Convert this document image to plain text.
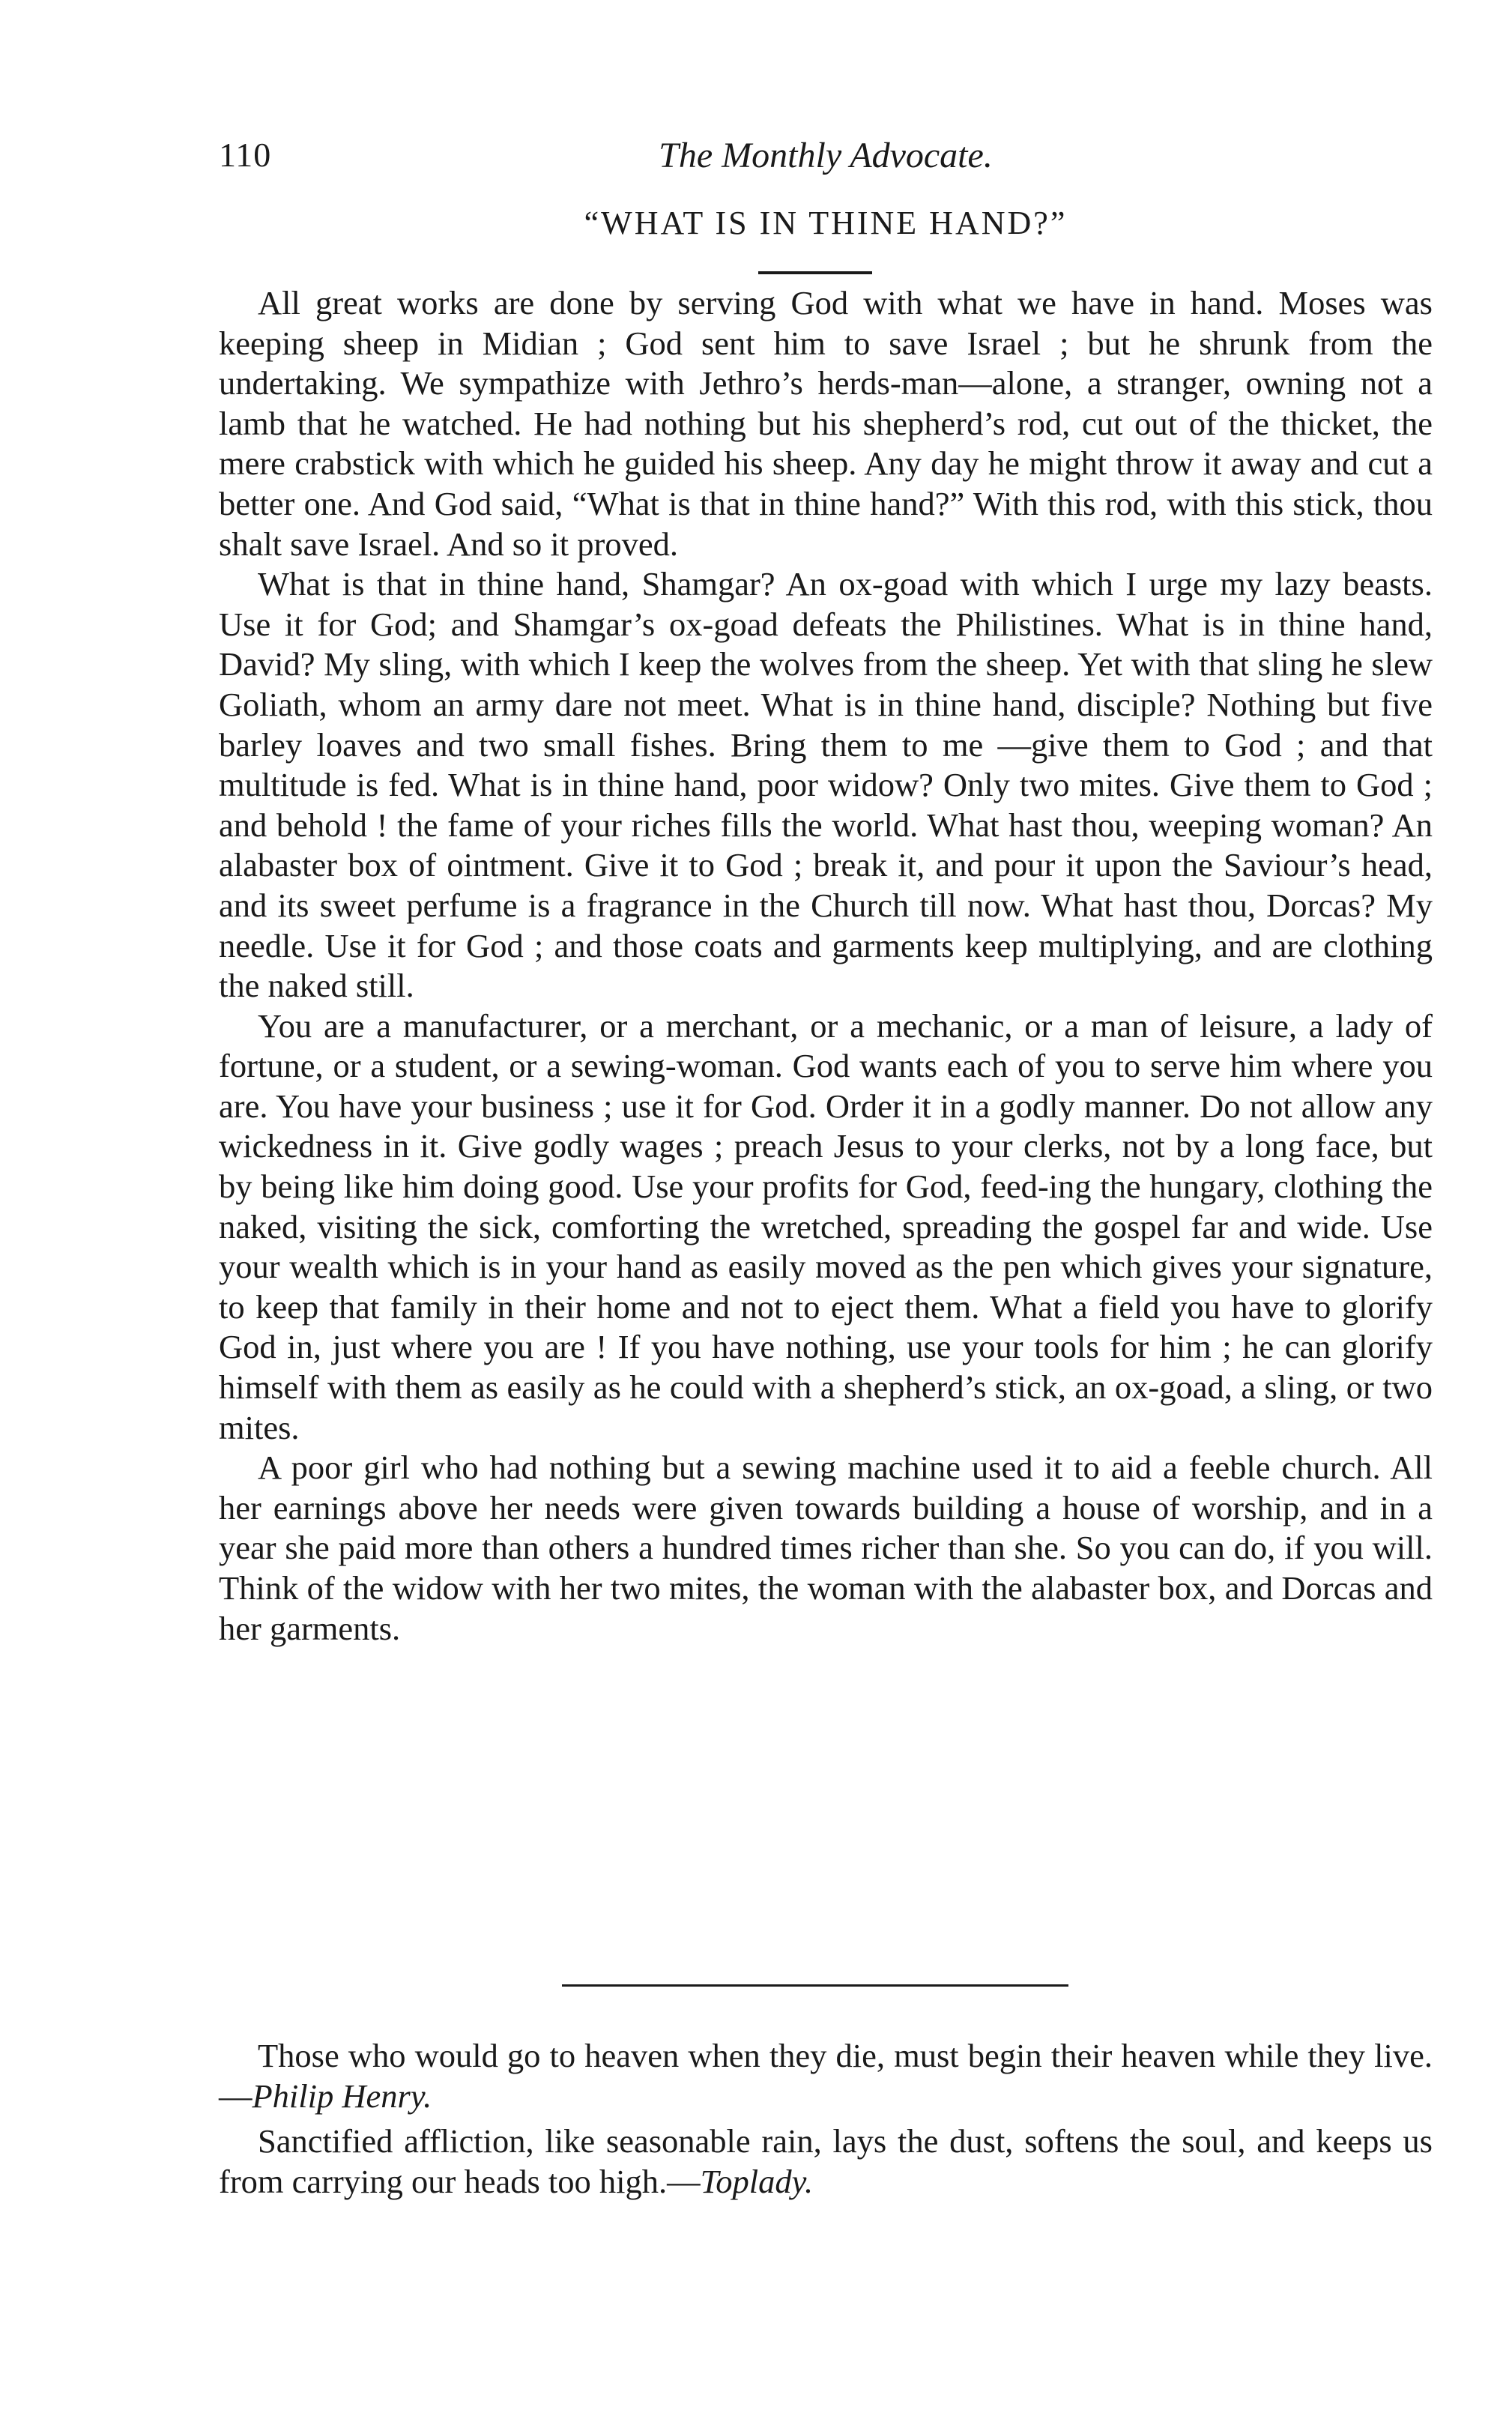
110	The Monthly Advocate.
“WHAT IS IN THINE HAND?”

All great works are done by serving God with what we have in hand. Moses was keeping sheep in Midian ; God sent him to save Israel ; but he shrunk from the undertaking. We sympathize with Jethro’s herds-man—alone, a stranger, owning not a lamb that he watched. He had nothing but his shepherd’s rod, cut out of the thicket, the mere crabstick with which he guided his sheep. Any day he might throw it away and cut a better one. And God said, “What is that in thine hand?” With this rod, with this stick, thou shalt save Israel. And so it proved.

What is that in thine hand, Shamgar? An ox-goad with which I urge my lazy beasts. Use it for God; and Shamgar’s ox-goad defeats the Philistines. What is in thine hand, David? My sling, with which I keep the wolves from the sheep. Yet with that sling he slew Goliath, whom an army dare not meet. What is in thine hand, disciple? Nothing but five barley loaves and two small fishes. Bring them to me —give them to God ; and that multitude is fed. What is in thine hand, poor widow? Only two mites. Give them to God ; and behold ! the fame of your riches fills the world. What hast thou, weeping woman? An alabaster box of ointment. Give it to God ; break it, and pour it upon the Saviour’s head, and its sweet perfume is a fragrance in the Church till now. What hast thou, Dorcas? My needle. Use it for God ; and those coats and garments keep multiplying, and are clothing the naked still.

You are a manufacturer, or a merchant, or a mechanic, or a man of leisure, a lady of fortune, or a student, or a sewing-woman. God wants each of you to serve him where you are. You have your business ; use it for God. Order it in a godly manner. Do not allow any wickedness in it. Give godly wages ; preach Jesus to your clerks, not by a long face, but by being like him doing good. Use your profits for God, feed-ing the hungary, clothing the naked, visiting the sick, comforting the wretched, spreading the gospel far and wide. Use your wealth which is in your hand as easily moved as the pen which gives your signature, to keep that family in their home and not to eject them. What a field you have to glorify God in, just where you are ! If you have nothing, use your tools for him ; he can glorify himself with them as easily as he could with a shepherd’s stick, an ox-goad, a sling, or two mites.

A poor girl who had nothing but a sewing machine used it to aid a feeble church. All her earnings above her needs were given towards building a house of worship, and in a year she paid more than others a hundred times richer than she. So you can do, if you will. Think of the widow with her two mites, the woman with the alabaster box, and Dorcas and her garments.

Those who would go to heaven when they die, must begin their heaven while they live.—Philip Henry.

Sanctified affliction, like seasonable rain, lays the dust, softens the soul, and keeps us from carrying our heads too high.—Toplady.
